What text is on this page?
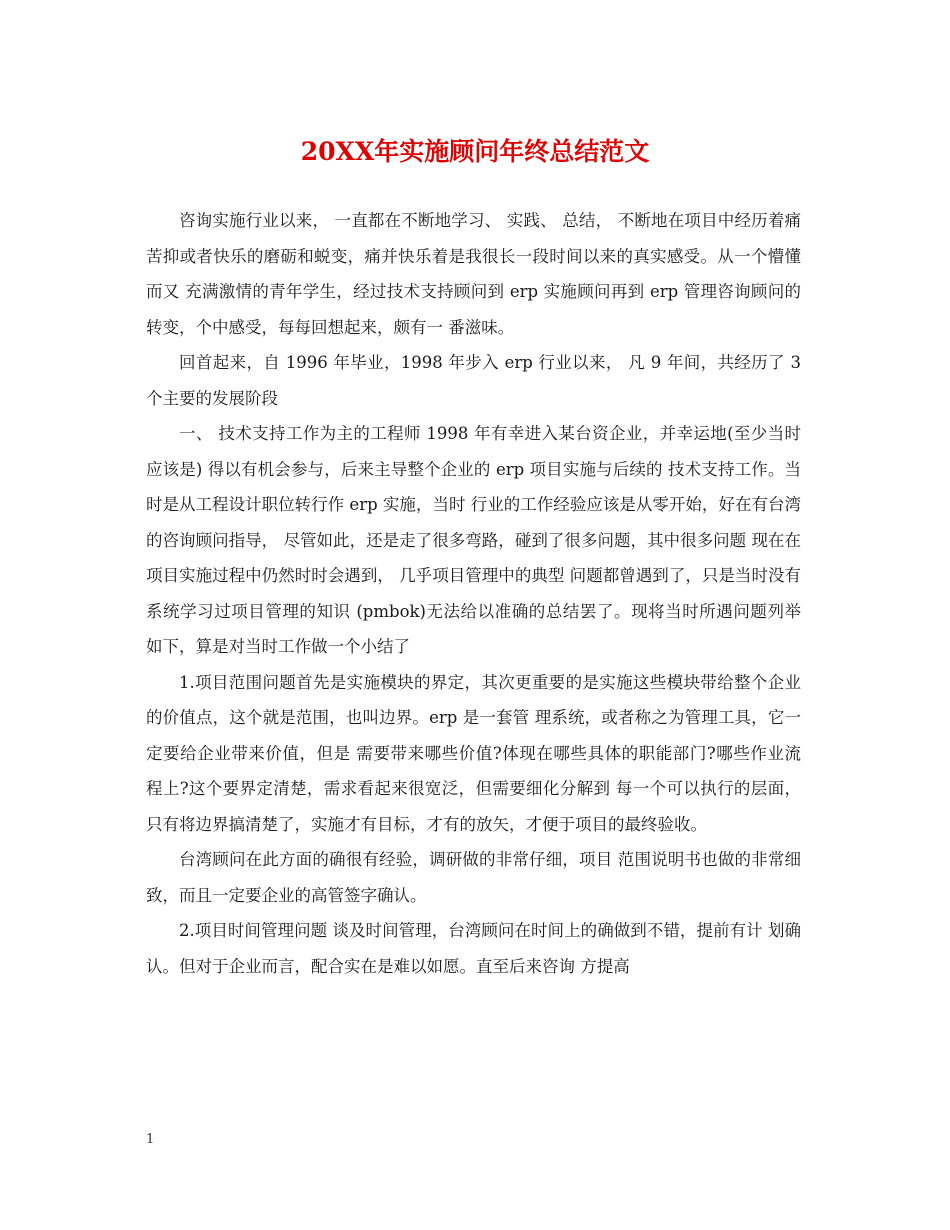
20XX年实施顾问年终总结范文

咨询实施行业以来， 一直都在不断地学习、 实践、 总结， 不断地在项目中经历着痛苦抑或者快乐的磨砺和蜕变，痛并快乐着是我很长一段时间以来的真实感受。从一个懵懂而又 充满激情的青年学生，经过技术支持顾问到 erp 实施顾问再到 erp 管理咨询顾问的转变，个中感受，每每回想起来，颇有一 番滋味。

回首起来，自 1996 年毕业，1998 年步入 erp 行业以来， 凡 9 年间，共经历了 3 个主要的发展阶段

一、 技术支持工作为主的工程师 1998 年有幸进入某台资企业，并幸运地(至少当时应该是) 得以有机会参与，后来主导整个企业的 erp 项目实施与后续的 技术支持工作。当时是从工程设计职位转行作 erp 实施，当时 行业的工作经验应该是从零开始，好在有台湾的咨询顾问指导， 尽管如此，还是走了很多弯路，碰到了很多问题，其中很多问题 现在在项目实施过程中仍然时时会遇到， 几乎项目管理中的典型 问题都曾遇到了，只是当时没有系统学习过项目管理的知识 (pmbok)无法给以准确的总结罢了。现将当时所遇问题列举 如下，算是对当时工作做一个小结了

1.项目范围问题首先是实施模块的界定，其次更重要的是实施这些模块带给整个企业的价值点，这个就是范围，也叫边界。erp 是一套管 理系统，或者称之为管理工具，它一定要给企业带来价值，但是 需要带来哪些价值?体现在哪些具体的职能部门?哪些作业流 程上?这个要界定清楚，需求看起来很宽泛，但需要细化分解到 每一个可以执行的层面，只有将边界搞清楚了，实施才有目标，才有的放矢，才便于项目的最终验收。

台湾顾问在此方面的确很有经验，调研做的非常仔细，项目 范围说明书也做的非常细致，而且一定要企业的高管签字确认。

2.项目时间管理问题 谈及时间管理，台湾顾问在时间上的确做到不错，提前有计 划确认。但对于企业而言，配合实在是难以如愿。直至后来咨询 方提高

1
